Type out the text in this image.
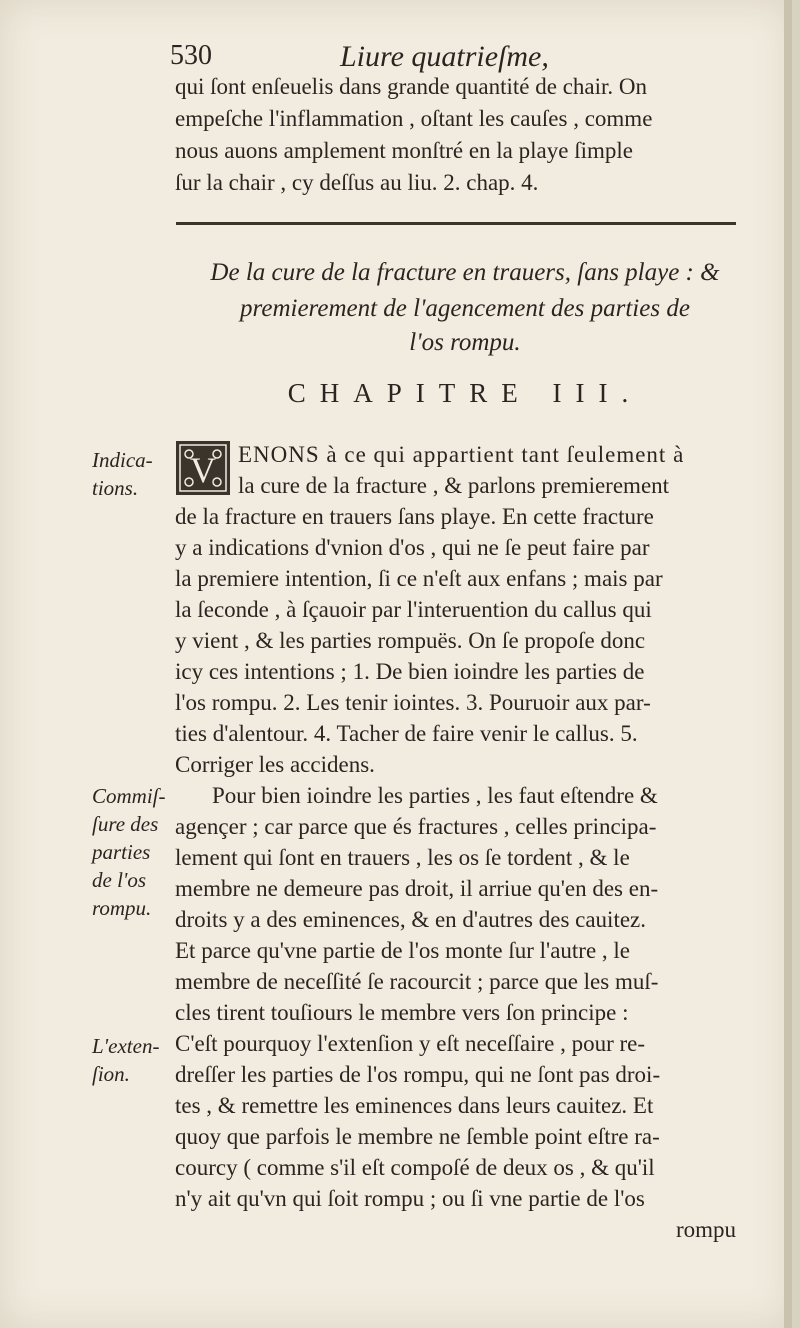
530	Liure quatrieſme,
qui ſont enſeuelis dans grande quantité de chair. On
empeſche l'inflammation , oſtant les cauſes , comme
nous auons amplement monſtré en la playe ſimple
ſur la chair , cy deſſus au liu. 2. chap. 4.
De la cure de la fracture en trauers, ſans playe : &
premierement de l'agencement des parties de
l'os rompu.
CHAPITRE III.
V ENONS à ce qui appartient tant ſeulement à
la cure de la fracture , & parlons premierement
de la fracture en trauers ſans playe. En cette fracture
y a indications d'vnion d'os , qui ne ſe peut faire par
la premiere intention, ſi ce n'eſt aux enfans ; mais par
la ſeconde , à ſçauoir par l'interuention du callus qui
y vient , & les parties rompuës. On ſe propoſe donc
icy ces intentions ; 1. De bien ioindre les parties de
l'os rompu. 2. Les tenir iointes. 3. Pouruoir aux par-
ties d'alentour. 4. Tacher de faire venir le callus. 5.
Corriger les accidens.
Pour bien ioindre les parties , les faut eſtendre &
agençer ; car parce que és fractures , celles principa-
lement qui ſont en trauers , les os ſe tordent , & le
membre ne demeure pas droit, il arriue qu'en des en-
droits y a des eminences, & en d'autres des cauitez.
Et parce qu'vne partie de l'os monte ſur l'autre , le
membre de neceſſité ſe racourcit ; parce que les muſ-
cles tirent touſiours le membre vers ſon principe :
C'eſt pourquoy l'extenſion y eſt neceſſaire , pour re-
dreſſer les parties de l'os rompu, qui ne ſont pas droi-
tes , & remettre les eminences dans leurs cauitez. Et
quoy que parfois le membre ne ſemble point eſtre ra-
courcy ( comme s'il eſt compoſé de deux os , & qu'il
n'y ait qu'vn qui ſoit rompu ; ou ſi vne partie de l'os
rompu
Indica-
tions.
Commiſ-
ſure des
parties
de l'os
rompu.
L'exten-
ſion.
